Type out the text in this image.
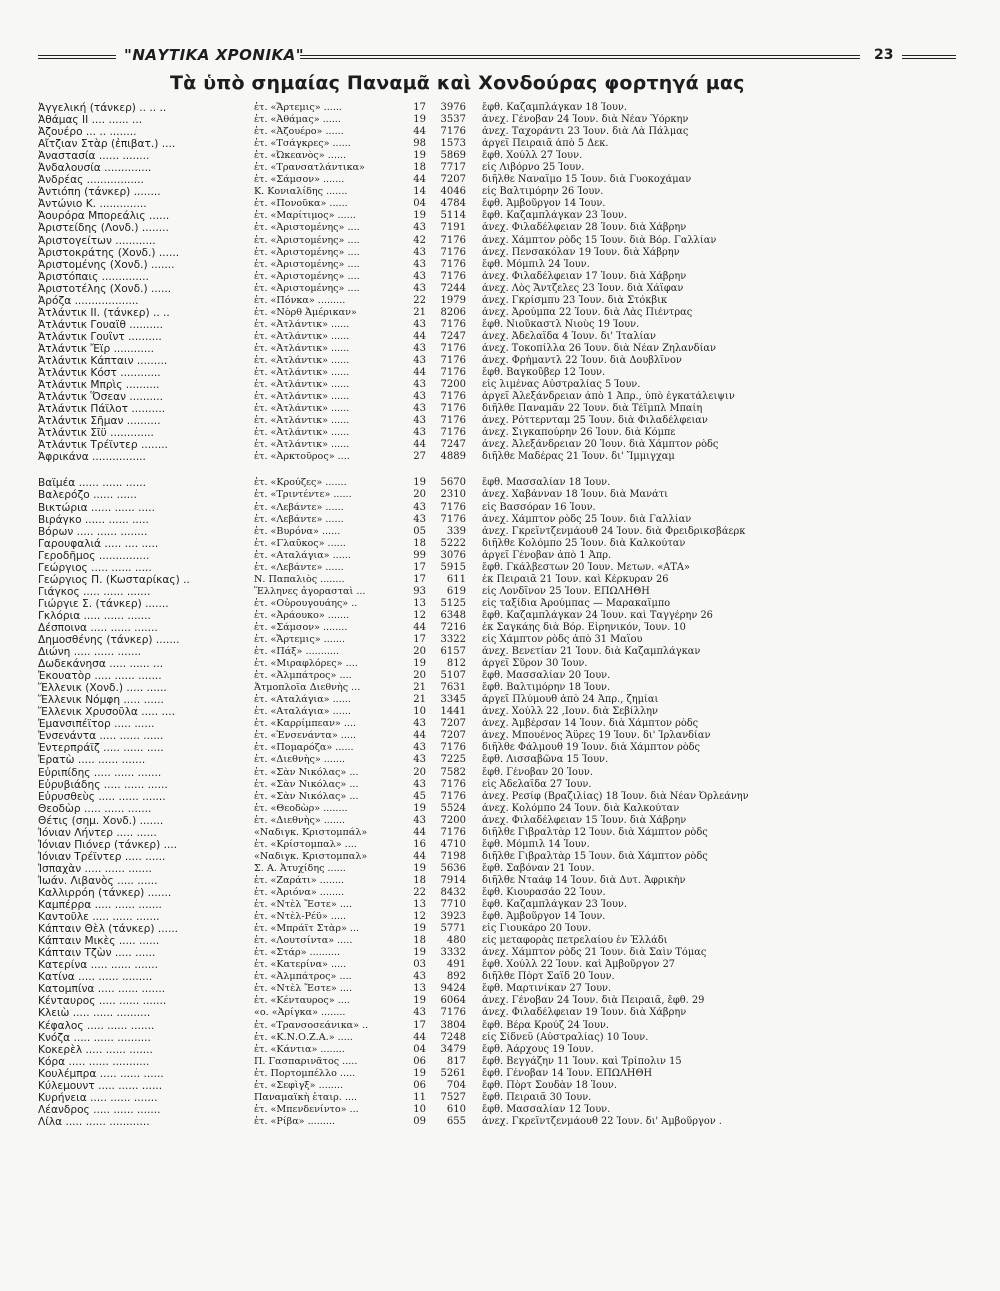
"ΝΑΥΤΙΚΑ ΧΡΟΝΙΚΑ"	23
Τὰ ὑπὸ σημαίας Παναμᾶ καὶ Χονδούρας φορτηγά μας
Ἀγγελική (τάνκερ) .. .. ..	ἑτ. «Ἄρτεμις» ......	17	3976 ἔφθ. Καζαμπλάγκαν 18 Ἰουν.
Ἀθάμας ΙΙ .... ...... ...	ἑτ. «Ἀθάμας» ......	19	3537 ἀνεχ. Γένοβαν 24 Ἰουν. διὰ Νέαν Ὑόρκην
Ἀζουέρο ... .. ........	ἑτ. «Ἀζουέρο» ......	44	7176 ἀνεχ. Ταχοράντι 23 Ἰουν. διὰ Λὰ Πάλμας
Αἴτζιαν Στὰρ (ἐπιβατ.) ....	ἑτ. «Τσάγκρες» ......	98	1573 ἀργεῖ Πειραιᾶ ἀπὸ 5 Δεκ.
Ἀναστασία ...... ........	ἑτ. «Ὠκεανὸς» ......	19	5869 ἔφθ. Χούλλ 27 Ἰουν.
Ἀνδαλουσία ..............	ἑτ. «Τρανσατλάντικα»	18	7717 εἰς Λιβόρνο 25 Ἰουν.
Ἀνδρέας .................	ἑτ. «Σάμσον» .......	44	7207 διῆλθε Ναναΐμο 15 Ἰουν. διὰ Γυοκοχάμαν
Ἀντιόπη (τάνκερ) ........	Κ. Κονιαλίδης .......	14	4046 εἰς Βαλτιμόρην 26 Ἰουν.
Ἀντώνιο Κ. ..............	ἑτ. «Πονοῦκα» ......	04	4784 ἔφθ. Ἀμβοῦργον 14 Ἰουν.
Ἀουρόρα Μπορεάλις ......	ἑτ. «Μαρίτιμος» ......	19	5114 ἔφθ. Καζαμπλάγκαν 23 Ἰουν.
Ἀριστείδης (Λονδ.) ........	ἑτ. «Ἀριστομένης» ....	43	7191 ἀνεχ. Φιλαδέλφειαν 28 Ἰουν. διὰ Χάβρην
Ἀριστογείτων ............	ἑτ. «Ἀριστομένης» ....	42	7176 ἀνεχ. Χάμπτον ρὸδς 15 Ἰουν. διὰ Βόρ. Γαλλίαν
Ἀριστοκράτης (Χονδ.) ......	ἑτ. «Ἀριστομένης» ....	43	7176 ἀνεχ. Πενσακόλαν 19 Ἰουν. διὰ Χάβρην
Ἀριστομένης (Χονδ.) .......	ἑτ. «Ἀριστομένης» ....	43	7176 ἔφθ. Μόμπιλ 24 Ἰουν.
Ἀριστόπαις ..............	ἑτ. «Ἀριστομένης» ....	43	7176 ἀνεχ. Φιλαδέλφειαν 17 Ἰουν. διὰ Χάβρην
Ἀριστοτέλης (Χονδ.) ......	ἑτ. «Ἀριστομένης» ....	43	7244 ἀνεχ. Λὸς Ἄντζελες 23 Ἰουν. διὰ Χάϊφαν
Ἀρόζα ...................	ἑτ. «Πόνκα» .........	22	1979 ἀνεχ. Γκρίσμπυ 23 Ἰουν. διὰ Στόκβικ
Ἀτλάντικ ΙΙ. (τάνκερ) .. ..	ἑτ. «Νὸρθ Ἀμέρικαν»	21	8206 ἀνεχ. Ἀρούμπα 22 Ἰουν. διὰ Λὰς Πιέντρας
Ἀτλάντικ Γουαϊθ ..........	ἑτ. «Ἀτλάντικ» ......	43	7176 ἔφθ. Νιοῦκαστλ Νιοὺς 19 Ἰουν.
Ἀτλάντικ Γουΐντ ..........	ἑτ. «Ἀτλάντικ» ......	44	7247 ἀνεχ. Ἀδελαΐδα 4 Ἰουν. δι' Ἰταλίαν
Ἀτλάντικ Ἔϊρ ............	ἑτ. «Ἀτλάντικ» ......	43	7176 ἀνεχ. Τοκοπίλλα 26 Ἰουν. διὰ Νέαν Ζηλανδίαν
Ἀτλάντικ Κάπταιν .........	ἑτ. «Ἀτλάντικ» ......	43	7176 ἀνεχ. Φρήμαντλ 22 Ἰουν. διὰ Δουβλῖνον
Ἀτλάντικ Κόστ ............	ἑτ. «Ἀτλάντικ» ......	44	7176 ἔφθ. Βαγκοῦβερ 12 Ἰουν.
Ἀτλάντικ Μπρὶς ..........	ἑτ. «Ἀτλάντικ» ......	43	7200 εἰς λιμένας Αὐστραλίας 5 Ἰουν.
Ἀτλάντικ Ὅσεαν ..........	ἑτ. «Ἀτλάντικ» ......	43	7176 ἀργεῖ Ἀλεξάνδρειαν ἀπὸ 1 Ἀπρ., ὑπὸ ἐγκατάλειψιν
Ἀτλάντικ Πάϊλοτ ..........	ἑτ. «Ἀτλάντικ» ......	43	7176 διῆλθε Παναμᾶν 22 Ἰουν. διὰ Τέϊμπλ Μπαίη
Ἀτλάντικ Σῆμαν ..........	ἑτ. «Ἀτλάντικ» ......	43	7176 ἀνεχ. Ρόττερνταμ 25 Ἰουν. διὰ Φιλαδέλφειαν
Ἀτλάντικ Σῖϋ .............	ἑτ. «Ἀτλάντικ» ......	43	7176 ἀνεχ. Σιγκαπούρην 26 Ἰουν. διὰ Κόμπε
Ἀτλάντικ Τρέϊντερ ........	ἑτ. «Ἀτλάντικ» ......	44	7247 ἀνεχ. Ἀλεξάνδρειαν 20 Ἰουν. διὰ Χάμπτον ρὸδς
Ἀφρικάνα ................	ἑτ. «Ἀρκτοῦρος» ....	27	4889 διῆλθε Μαδέρας 21 Ἰουν. δι' Ἴμμιγχαμ
Βαϊμέα ...... ...... ......	ἑτ. «Κρούζες» .......	19	5670 ἔφθ. Μασσαλίαν 18 Ἰουν.
Βαλερόζο ...... ......	ἑτ. «Τριντέντε» ......	20	2310 ἀνεχ. Χαβάνναν 18 Ἰουν. διὰ Μανάτι
Βικτώρια ...... ...... .....	ἑτ. «Λεβάντε» ......	43	7176 εἰς Βασσόραν 16 Ἰουν.
Βιράγκο ...... ...... .....	ἑτ. «Λεβάντε» ......	43	7176 ἀνεχ. Χάμπτον ρὸδς 25 Ἰουν. διὰ Γαλλίαν
Βόρων ..... ...... ........	ἑτ. «Βυρόνα» ......	05	339 ἀνεχ. Γκρεϊντζενμάουθ 24 Ἰουν. διὰ Φρειδρικσβάερκ
Γαρουφαλιά ..... .... .....	ἑτ. «Γλαῦκος» ......	18	5222 διῆλθε Κολόμπο 25 Ἰουν. διὰ Καλκούταν
Γεροδῆμος ...............	ἑτ. «Αταλάγια» ......	99	3076 ἀργεῖ Γένοβαν ἀπὸ 1 Ἀπρ.
Γεώργιος ..... ...... .....	ἑτ. «Λεβάντε» ......	17	5915 ἔφθ. Γκάλβεστων 20 Ἰουν. Μετων. «ΑΤΑ»
Γεώργιος Π. (Κωσταρίκας) ..	Ν. Παπαλιὸς ........	17	611 ἐκ Πειραιᾶ 21 Ἰουν. καὶ Κέρκυραν 26
Γιάγκος ..... ...... .......	Ἕλληνες ἀγορασταὶ ...	93	619 εἰς Λονδῖνον 25 Ἰουν. ΕΠΩΛΗΘΗ
Γιώργιε Σ. (τάνκερ) .......	ἑτ. «Οὐρουγουάης» ..	13	5125 εἰς ταξίδια Ἀρούμπας — Μαρακαΐμπο
Γκλόρια ..... ...... .......	ἑτ. «Ἀράουκο» .......	12	6348 ἔφθ. Καζαμπλάγκαν 24 Ἰουν. καὶ Ταγγέρην 26
Δέσποινα ..... ...... .......	ἑτ. «Σάμσον» ........	44	7216 ἐκ Σαγκάης διὰ Βόρ. Εἰρηνικόν, Ἰουν. 10
Δημοσθένης (τάνκερ) .......	ἑτ. «Ἄρτεμις» .......	17	3322 εἰς Χάμπτον ρὸδς ἀπὸ 31 Μαΐου
Διώνη ..... ...... .......	ἑτ. «Πάξ» ...........	20	6157 ἀνεχ. Βενετίαν 21 Ἰουν. διὰ Καζαμπλάγκαν
Δωδεκάνησα ..... ...... ...	ἑτ. «Μιραφλόρες» ....	19	812 ἀργεῖ Σῦρον 30 Ἰουν.
Ἐκουατὸρ ..... ...... .......	ἑτ. «Ἀλμπάτρος» ....	20	5107 ἔφθ. Μασσαλίαν 20 Ἰουν.
Ἕλλενικ (Χονδ.) ..... ......	Ἀτμοπλοΐα Διεθνὴς ...	21	7631 ἔφθ. Βαλτιμόρην 18 Ἰουν.
Ἕλλενικ Νόμφη ..... ......	ἑτ. «Αταλάγια» ......	21	3345 ἀργεῖ Πλύμουθ ἀπὸ 24 Ἀπρ., ζημίαι
Ἕλλενικ Χρυσοῦλα ..... ....	ἑτ. «Αταλάγια» ......	10	1441 ἀνεχ. Χούλλ 22 ,Ιουν. διὰ Σεβίλλην
Ἐμανσιπέϊτορ ..... ......	ἑτ. «Καρρίμπεαν» ....	43	7207 ἀνεχ. Ἀμβέρσαν 14 Ἰουν. διὰ Χάμπτον ρὸδς
Ἐνσενάντα ..... ...... ......	ἑτ. «Ἐνσενάντα» .....	44	7207 ἀνεχ. Μπουένος Ἄϋρες 19 Ἰουν. δι' Ἰρλανδίαν
Ἐντερπράϊζ ..... ...... .....	ἑτ. «Πομαρόζα» ......	43	7176 διῆλθε Φάλμουθ 19 Ἰουν. διὰ Χάμπτον ρὸδς
Ἐρατὼ ..... ...... .......	ἑτ. «Διεθνὴς» .......	43	7225 ἔφθ. Λισσαβῶνα 15 Ἰουν.
Εὐριπίδης ..... ...... .......	ἑτ. «Σὰν Νικόλας» ...	20	7582 ἔφθ. Γένοβαν 20 Ἰουν.
Εὐρυβιάδης ..... ...... ......	ἑτ. «Σὰν Νικόλας» ...	43	7176 εἰς Ἀδελαΐδα 27 Ἰουν.
Εὐρυσθεὺς ..... ...... .......	ἑτ. «Σὰν Νικόλας» ...	45	7176 ἀνεχ. Ρεσίφ (Βραζιλίας) 18 Ἰουν. διὰ Νέαν Ὀρλεάνην
Θεοδὼρ ..... ...... .......	ἑτ. «Θεοδὼρ» ........	19	5524 ἀνεχ. Κολόμπο 24 Ἰουν. διὰ Καλκούταν
Θέτις (σημ. Χονδ.) .......	ἑτ. «Διεθνὴς» .......	43	7200 ἀνεχ. Φιλαδέλφειαν 15 Ἰουν. διὰ Χάβρην
Ἰόνιαν Λήντερ ..... ......	«Ναδιγκ. Κριστομπάλ»	44	7176 διῆλθε Γιβραλτὰρ 12 Ἰουν. διὰ Χάμπτον ρὸδς
Ἰόνιαν Πιόνερ (τάνκερ) ....	ἑτ. «Κρίστομπαλ» ....	16	4710 ἔφθ. Μόμπιλ 14 Ἰουν.
Ἰόνιαν Τρέϊντερ ..... ......	«Ναδιγκ. Κριστομπαλ»	44	7198 διῆλθε Γιβραλτὰρ 15 Ἰουν. διὰ Χάμπτον ρὸδς
Ἰσπαχὰν ..... ...... .......	Σ. Α. Ἀτυχίδης ......	19	5636 ἔφθ. Σαβόναν 21 Ἰουν.
Ἰωάν. Λιβανὸς ..... ......	ἑτ. «Ζαράτι» ........	18	7914 διῆλθε Νταάφ 14 Ἰουν. διὰ Δυτ. Ἀφρικὴν
Καλλιρρόη (τάνκερ) .......	ἑτ. «Ἀριόνα» ........	22	8432 ἔφθ. Κιουρασάο 22 Ἰουν.
Καμπέρρα ..... ...... .......	ἑτ. «Ντὲλ Ἔστε» ....	13	7710 ἔφθ. Καζαμπλάγκαν 23 Ἰουν.
Καντοῦλε ..... ...... .......	ἑτ. «Ντὲλ-Ρέϋ» .....	12	3923 ἔφθ. Ἀμβοῦργον 14 Ἰουν.
Κάπταιν Θὲλ (τάνκερ) ......	ἑτ. «Μπράϊτ Στὰρ» ...	19	5771 εἰς Γιουκάρο 20 Ἰουν.
Κάπταιν Μικὲς ..... ......	ἑτ. «Λουτσίντα» .....	18	480 εἰς μεταφορὰς πετρελαίου ἐν Ἑλλάδι
Κάπταιν Τζὼν ..... ......	ἑτ. «Στάρ» ..........	19	3332 ἀνεχ. Χάμπτον ρὸδς 21 Ἰουν. διὰ Σαὶν Τόμας
Κατερίνα ..... ...... .......	ἑτ. «Κατερίνα» .....	03	491 ἔφθ. Χούλλ 22 Ἰουν. καὶ Ἀμβοῦργον 27
Κατίνα ..... ...... .........	ἑτ. «Ἀλμπάτρος» ....	43	892 διῆλθε Πὸρτ Σαΐδ 20 Ἰουν.
Κατομπίνα ..... ...... .......	ἑτ. «Ντὲλ Ἔστε» ....	13	9424 ἔφθ. Μαρτινίκαν 27 Ἰουν.
Κένταυρος ..... ...... .......	ἑτ. «Κένταυρος» ....	19	6064 ἀνεχ. Γένοβαν 24 Ἰουν. διὰ Πειραιᾶ, ἔφθ. 29
Κλειὼ ..... ...... ..........	«ο. «Ἀρίγκα» ........	43	7176 ἀνεχ. Φιλαδέλφειαν 19 Ἰουν. διὰ Χάβρην
Κέφαλος ..... ...... .......	ἑτ. «Τρανσοσεάνικα» ..	17	3804 ἔφθ. Βέρα Κρούζ 24 Ἰουν.
Κνόζα ..... ...... ..........	ἑτ. «Κ.Ν.Ο.Ζ.Α.» .....	44	7248 εἰς Σίδνεϋ (Αὐστραλίας) 10 Ἰουν.
Κοκερὲλ ..... ...... .......	ἑτ. «Κάντια» ........	04	3479 ἔφθ. Ἀάρχους 19 Ἰουν.
Κόρα ..... ...... ...........	Π. Γασπαρινᾶτος .....	06	817 ἔφθ. Βεγγάζην 11 Ἰουν. καὶ Τρίπολιν 15
Κουλέμπρα ..... ...... ......	ἑτ. Πορτομπέλλο .....	19	5261 ἔφθ. Γένοβαν 14 Ἰουν. ΕΠΩΛΗΘΗ
Κύλεμουντ ..... ...... ......	ἑτ. «Σεφὶγξ» ........	06	704 ἔφθ. Πὸρτ Σουδὰν 18 Ἰουν.
Κυρήνεια ..... ...... .......	Παναμαϊκὴ ἑταιρ. ....	11	7527 ἔφθ. Πειραιᾶ 30 Ἰουν.
Λέανδρος ..... ...... .......	ἑτ. «Μπενδενίντο» ...	10	610 ἔφθ. Μασσαλίαν 12 Ἰουν.
Λίλα ..... ...... ............	ἑτ. «Ρίβα» .........	09	655 ἀνεχ. Γκρεϊντζενμάουθ 22 Ἰουν. δι' Ἀμβοῦργον .
